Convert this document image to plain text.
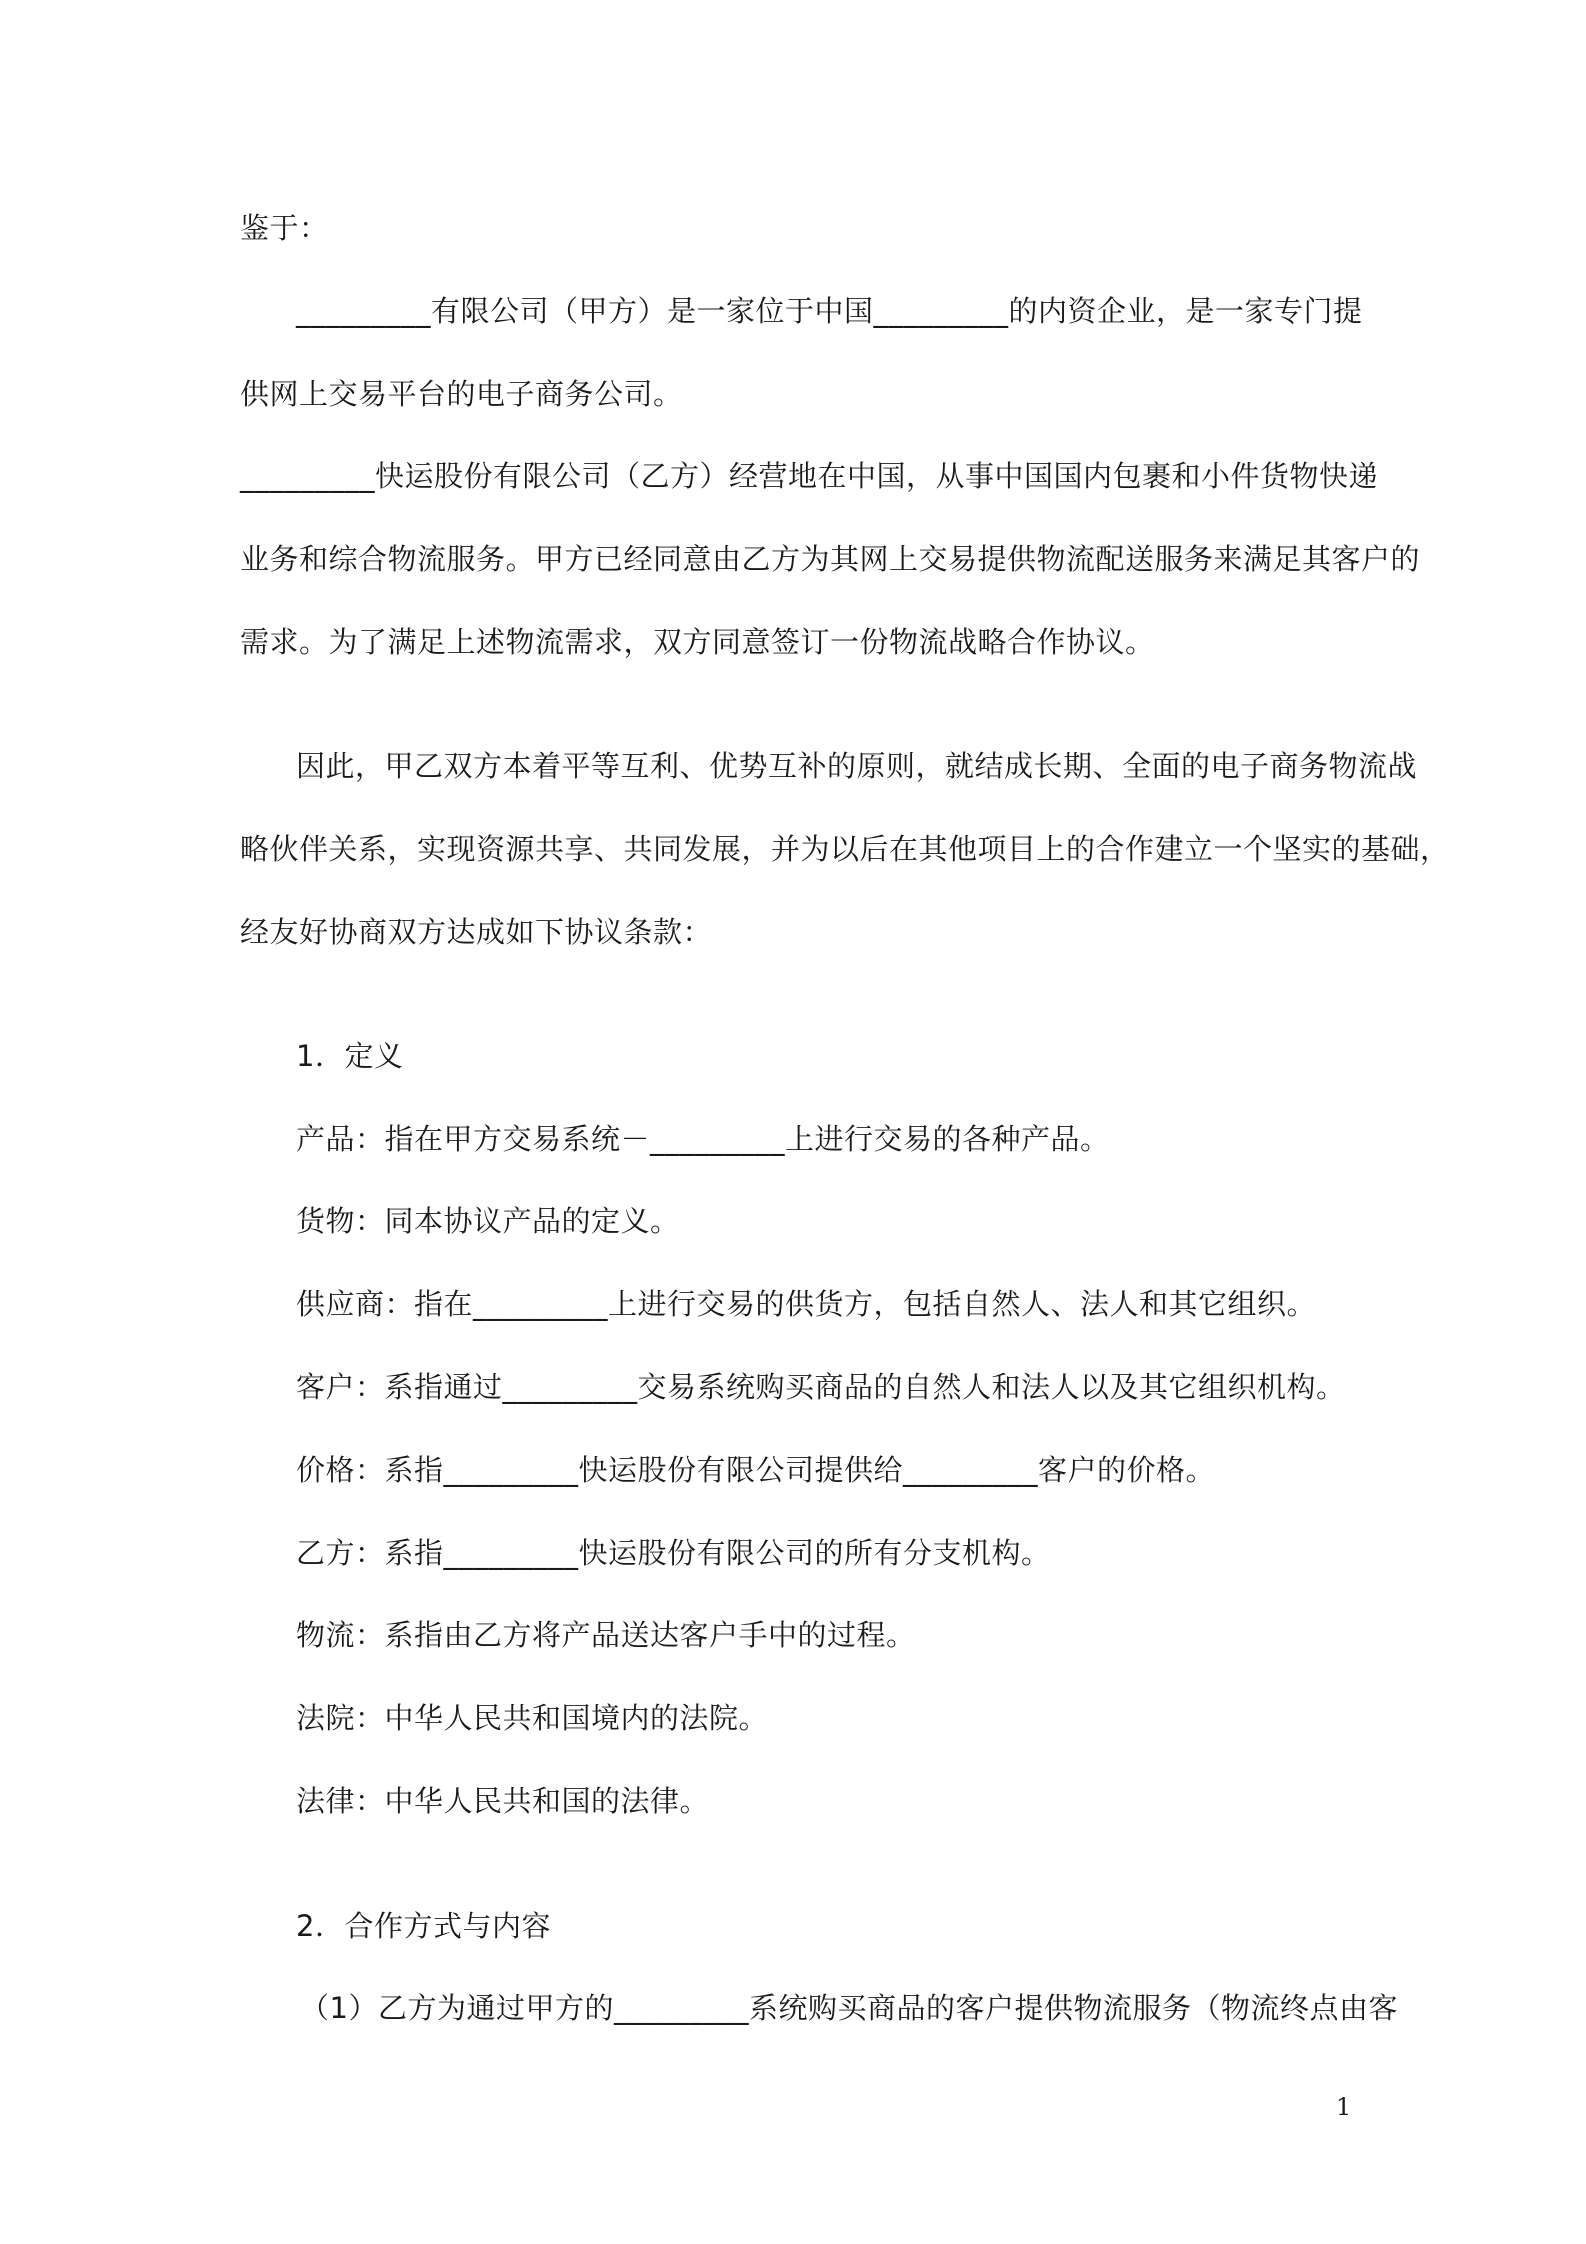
鉴于：
_________有限公司（甲方）是一家位于中国_________的内资企业，是一家专门提
供网上交易平台的电子商务公司。
_________快运股份有限公司（乙方）经营地在中国，从事中国国内包裹和小件货物快递
业务和综合物流服务。甲方已经同意由乙方为其网上交易提供物流配送服务来满足其客户的
需求。为了满足上述物流需求，双方同意签订一份物流战略合作协议。
因此，甲乙双方本着平等互利、优势互补的原则，就结成长期、全面的电子商务物流战
略伙伴关系，实现资源共享、共同发展，并为以后在其他项目上的合作建立一个坚实的基础，
经友好协商双方达成如下协议条款：
1．定义
产品：指在甲方交易系统－_________上进行交易的各种产品。
货物：同本协议产品的定义。
供应商：指在_________上进行交易的供货方，包括自然人、法人和其它组织。
客户：系指通过_________交易系统购买商品的自然人和法人以及其它组织机构。
价格：系指_________快运股份有限公司提供给_________客户的价格。
乙方：系指_________快运股份有限公司的所有分支机构。
物流：系指由乙方将产品送达客户手中的过程。
法院：中华人民共和国境内的法院。
法律：中华人民共和国的法律。
2．合作方式与内容
（1）乙方为通过甲方的_________系统购买商品的客户提供物流服务（物流终点由客
1
